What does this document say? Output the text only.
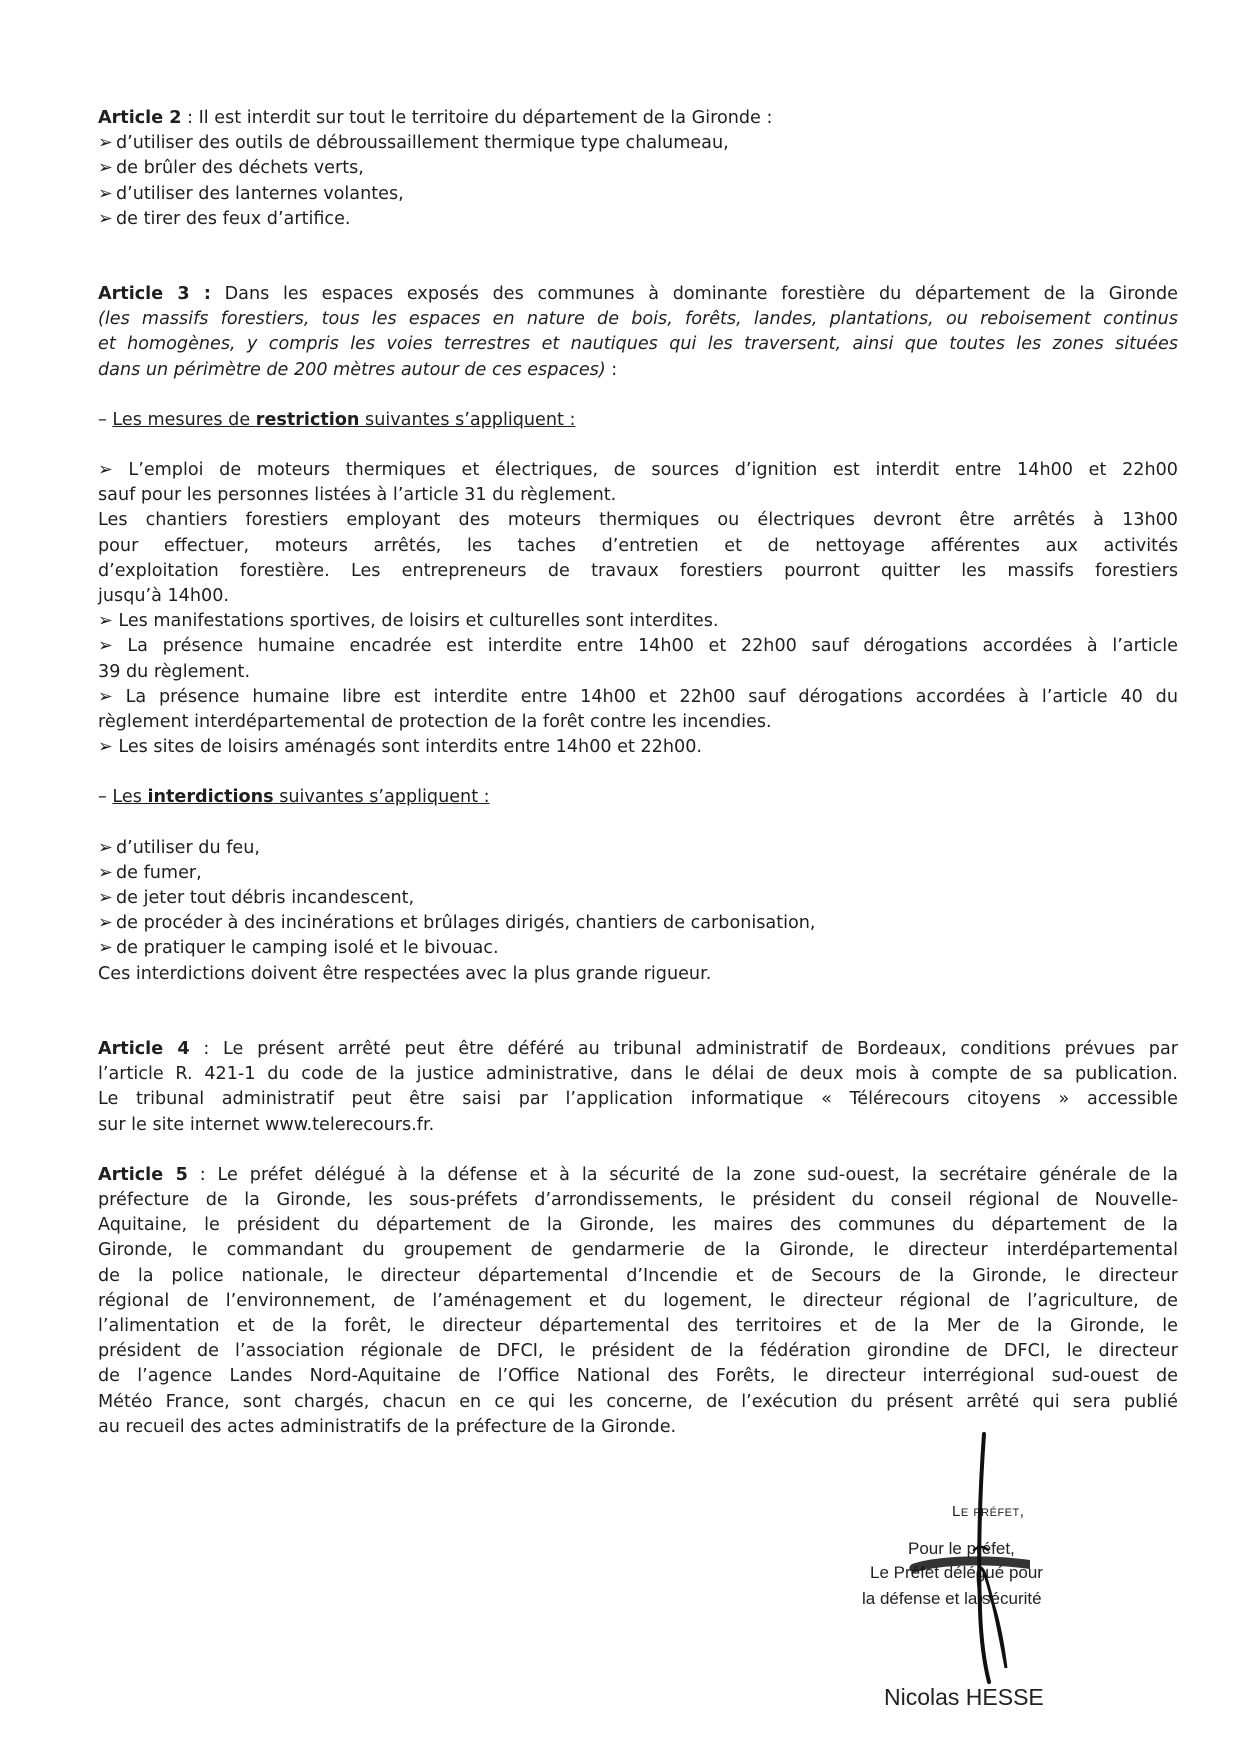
Article 2 : Il est interdit sur tout le territoire du département de la Gironde :
➢ d’utiliser des outils de débroussaillement thermique type chalumeau,
➢ de brûler des déchets verts,
➢ d’utiliser des lanternes volantes,
➢ de tirer des feux d’artifice.
Article 3 : Dans les espaces exposés des communes à dominante forestière du département de la Gironde
(les massifs forestiers, tous les espaces en nature de bois, forêts, landes, plantations, ou reboisement continus
et homogènes, y compris les voies terrestres et nautiques qui les traversent, ainsi que toutes les zones situées
dans un périmètre de 200 mètres autour de ces espaces) :
– Les mesures de restriction suivantes s’appliquent :
➢ L’emploi de moteurs thermiques et électriques, de sources d’ignition est interdit entre 14h00 et 22h00
sauf pour les personnes listées à l’article 31 du règlement.
Les chantiers forestiers employant des moteurs thermiques ou électriques devront être arrêtés à 13h00
pour effectuer, moteurs arrêtés, les taches d’entretien et de nettoyage afférentes aux activités
d’exploitation forestière. Les entrepreneurs de travaux forestiers pourront quitter les massifs forestiers
jusqu’à 14h00.
➢ Les manifestations sportives, de loisirs et culturelles sont interdites.
➢ La présence humaine encadrée est interdite entre 14h00 et 22h00 sauf dérogations accordées à l’article
39 du règlement.
➢ La présence humaine libre est interdite entre 14h00 et 22h00 sauf dérogations accordées à l’article 40 du
règlement interdépartemental de protection de la forêt contre les incendies.
➢ Les sites de loisirs aménagés sont interdits entre 14h00 et 22h00.
– Les interdictions suivantes s’appliquent :
➢ d’utiliser du feu,
➢ de fumer,
➢ de jeter tout débris incandescent,
➢ de procéder à des incinérations et brûlages dirigés, chantiers de carbonisation,
➢ de pratiquer le camping isolé et le bivouac.
Ces interdictions doivent être respectées avec la plus grande rigueur.
Article 4 : Le présent arrêté peut être déféré au tribunal administratif de Bordeaux, conditions prévues par
l’article R. 421-1 du code de la justice administrative, dans le délai de deux mois à compte de sa publication.
Le tribunal administratif peut être saisi par l’application informatique « Télérecours citoyens » accessible
sur le site internet www.telerecours.fr.
Article 5 : Le préfet délégué à la défense et à la sécurité de la zone sud-ouest, la secrétaire générale de la
préfecture de la Gironde, les sous-préfets d’arrondissements, le président du conseil régional de Nouvelle-
Aquitaine, le président du département de la Gironde, les maires des communes du département de la
Gironde, le commandant du groupement de gendarmerie de la Gironde, le directeur interdépartemental
de la police nationale, le directeur départemental d’Incendie et de Secours de la Gironde, le directeur
régional de l’environnement, de l’aménagement et du logement, le directeur régional de l’agriculture, de
l’alimentation et de la forêt, le directeur départemental des territoires et de la Mer de la Gironde, le
président de l’association régionale de DFCI, le président de la fédération girondine de DFCI, le directeur
de l’agence Landes Nord-Aquitaine de l’Office National des Forêts, le directeur interrégional sud-ouest de
Météo France, sont chargés, chacun en ce qui les concerne, de l’exécution du présent arrêté qui sera publié
au recueil des actes administratifs de la préfecture de la Gironde.
Le préfet,
Pour le préfet,
Le Préfet délégué pour
la défense et la sécurité
Nicolas HESSE
